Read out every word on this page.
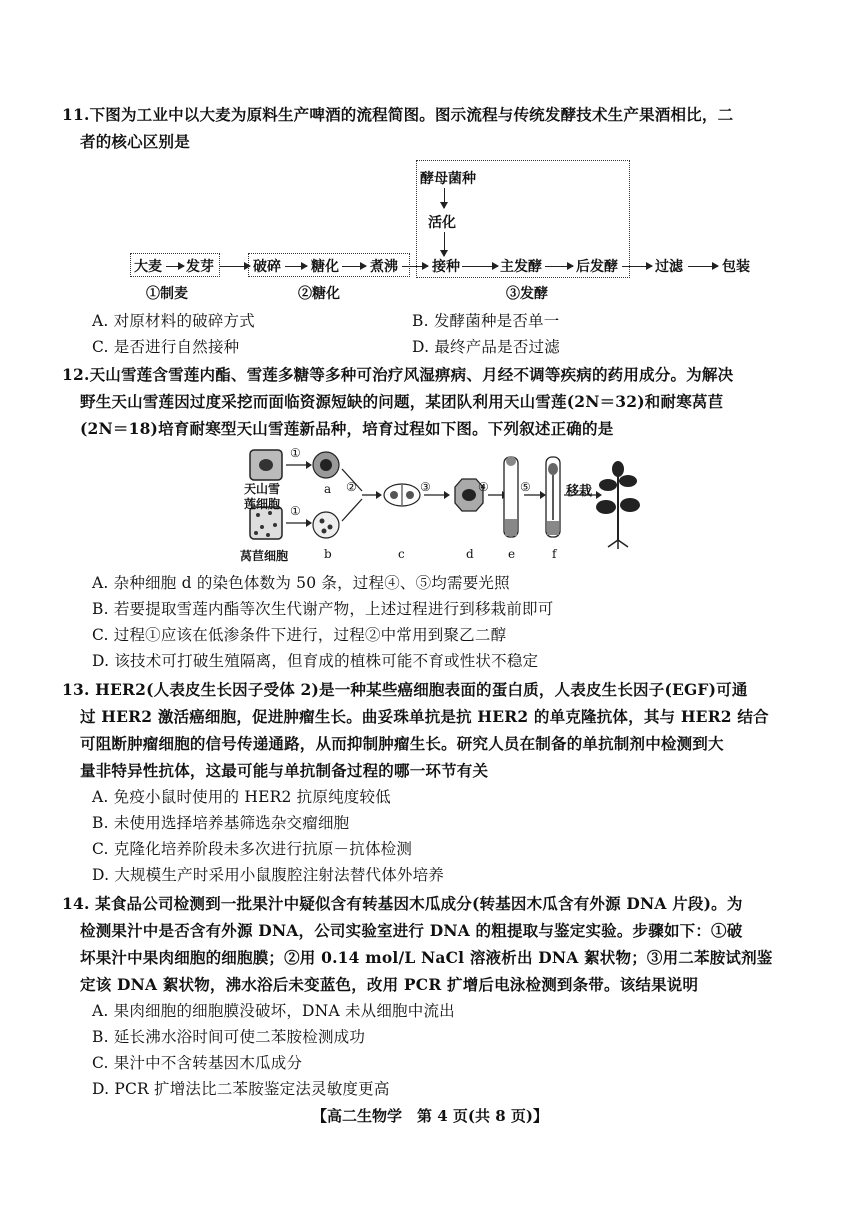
11.下图为工业中以大麦为原料生产啤酒的流程简图。图示流程与传统发酵技术生产果酒相比，二
者的核心区别是
酵母菌种
活化
大麦 发芽	破碎 糖化 煮沸 接种	主发酵 后发酵	过滤	包装
①制麦	②糖化	③发酵
A. 对原材料的破碎方式	B. 发酵菌种是否单一
C. 是否进行自然接种	D. 最终产品是否过滤
12.天山雪莲含雪莲内酯、雪莲多糖等多种可治疗风湿痹病、月经不调等疾病的药用成分。为解决
野生天山雪莲因过度采挖而面临资源短缺的问题，某团队利用天山雪莲(2N＝32)和耐寒莴苣
(2N＝18)培育耐寒型天山雪莲新品种，培育过程如下图。下列叙述正确的是
天山雪
莲细胞
莴苣细胞
①
①
②	③	④	⑤	移栽
a
b	c	d	e	f
A. 杂种细胞 d 的染色体数为 50 条，过程④、⑤均需要光照
B. 若要提取雪莲内酯等次生代谢产物，上述过程进行到移栽前即可
C. 过程①应该在低渗条件下进行，过程②中常用到聚乙二醇
D. 该技术可打破生殖隔离，但育成的植株可能不育或性状不稳定
13. HER2(人表皮生长因子受体 2)是一种某些癌细胞表面的蛋白质，人表皮生长因子(EGF)可通
过 HER2 激活癌细胞，促进肿瘤生长。曲妥珠单抗是抗 HER2 的单克隆抗体，其与 HER2 结合
可阻断肿瘤细胞的信号传递通路，从而抑制肿瘤生长。研究人员在制备的单抗制剂中检测到大
量非特异性抗体，这最可能与单抗制备过程的哪一环节有关
A. 免疫小鼠时使用的 HER2 抗原纯度较低
B. 未使用选择培养基筛选杂交瘤细胞
C. 克隆化培养阶段未多次进行抗原－抗体检测
D. 大规模生产时采用小鼠腹腔注射法替代体外培养
14. 某食品公司检测到一批果汁中疑似含有转基因木瓜成分(转基因木瓜含有外源 DNA 片段)。为
检测果汁中是否含有外源 DNA，公司实验室进行 DNA 的粗提取与鉴定实验。步骤如下：①破
坏果汁中果肉细胞的细胞膜；②用 0.14 mol/L NaCl 溶液析出 DNA 絮状物；③用二苯胺试剂鉴
定该 DNA 絮状物，沸水浴后未变蓝色，改用 PCR 扩增后电泳检测到条带。该结果说明
A. 果肉细胞的细胞膜没破坏，DNA 未从细胞中流出
B. 延长沸水浴时间可使二苯胺检测成功
C. 果汁中不含转基因木瓜成分
D. PCR 扩增法比二苯胺鉴定法灵敏度更高
【高二生物学　第 4 页(共 8 页)】
